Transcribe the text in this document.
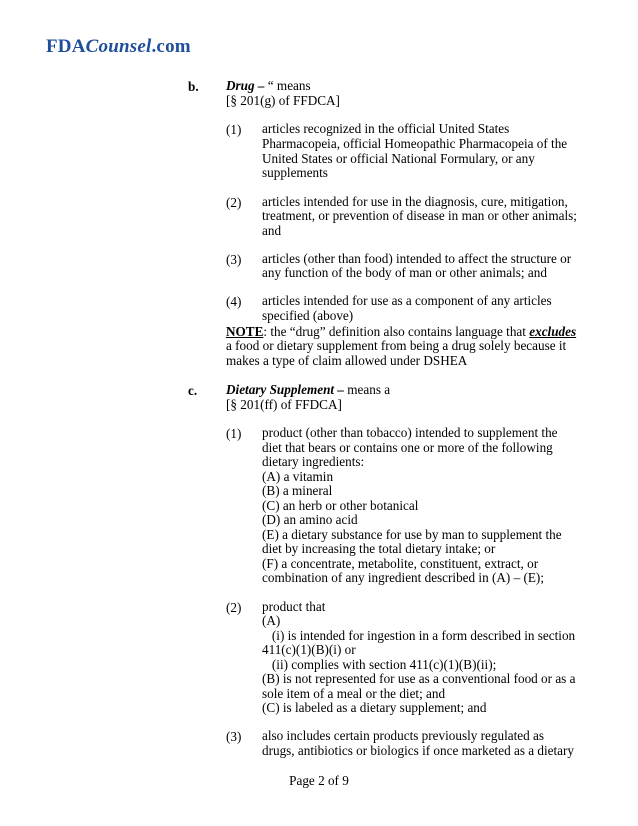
FDACounsel.com
b. Drug – “ means
[§ 201(g) of FFDCA]
(1) articles recognized in the official United States
Pharmacopeia, official Homeopathic Pharmacopeia of the
United States or official National Formulary, or any
supplements
(2) articles intended for use in the diagnosis, cure, mitigation,
treatment, or prevention of disease in man or other animals;
and
(3) articles (other than food) intended to affect the structure or
any function of the body of man or other animals; and
(4) articles intended for use as a component of any articles
specified (above)
NOTE: the “drug” definition also contains language that excludes
a food or dietary supplement from being a drug solely because it
makes a type of claim allowed under DSHEA
c. Dietary Supplement – means a
[§ 201(ff) of FFDCA]
(1) product (other than tobacco) intended to supplement the
diet that bears or contains one or more of the following
dietary ingredients:
(A) a vitamin
(B) a mineral
(C) an herb or other botanical
(D) an amino acid
(E) a dietary substance for use by man to supplement the
diet by increasing the total dietary intake; or
(F) a concentrate, metabolite, constituent, extract, or
combination of any ingredient described in (A) – (E);
(2) product that
(A)
(i) is intended for ingestion in a form described in section
411(c)(1)(B)(i) or
(ii) complies with section 411(c)(1)(B)(ii);
(B) is not represented for use as a conventional food or as a
sole item of a meal or the diet; and
(C) is labeled as a dietary supplement; and
(3) also includes certain products previously regulated as
drugs, antibiotics or biologics if once marketed as a dietary
Page 2 of 9
